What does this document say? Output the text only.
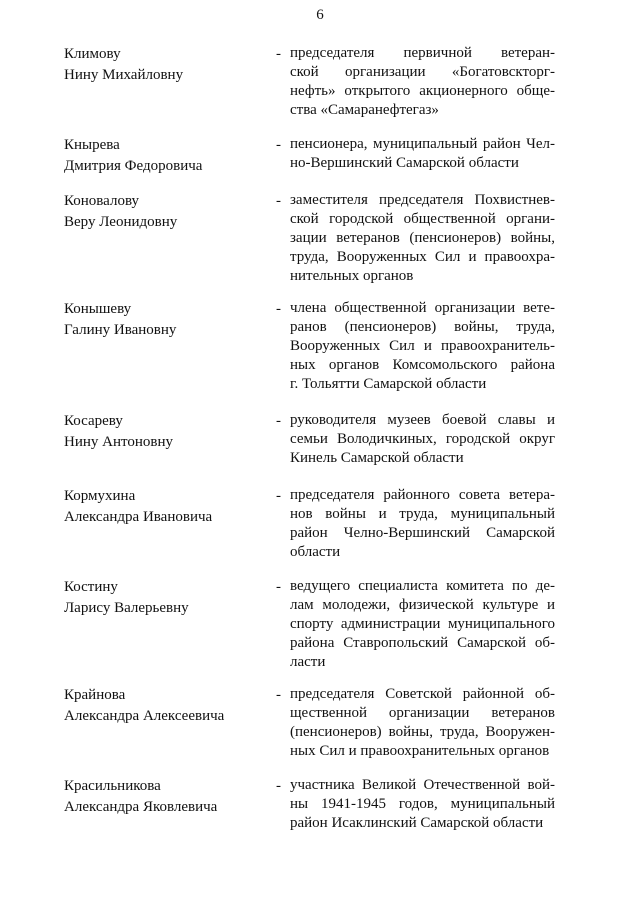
6
Климову
Нину Михайловну
- председателя первичной ветеран-
ской организации «Богатовскторг-
нефть» открытого акционерного обще-
ства «Самаранефтегаз»
Кнырева
Дмитрия Федоровича
- пенсионера, муниципальный район Чел-
но-Вершинский Самарской области
Коновалову
Веру Леонидовну
- заместителя председателя Похвистнев-
ской городской общественной органи-
зации ветеранов (пенсионеров) войны,
труда, Вооруженных Сил и правоохра-
нительных органов
Конышеву
Галину Ивановну
- члена общественной организации вете-
ранов (пенсионеров) войны, труда,
Вооруженных Сил и правоохранитель-
ных органов Комсомольского района
г. Тольятти Самарской области
Косареву
Нину Антоновну
- руководителя музеев боевой славы и
семьи Володичкиных, городской округ
Кинель Самарской области
Кормухина
Александра Ивановича
- председателя районного совета ветера-
нов войны и труда, муниципальный
район Челно-Вершинский Самарской
области
Костину
Ларису Валерьевну
- ведущего специалиста комитета по де-
лам молодежи, физической культуре и
спорту администрации муниципального
района Ставропольский Самарской об-
ласти
Крайнова
Александра Алексеевича
- председателя Советской районной об-
щественной организации ветеранов
(пенсионеров) войны, труда, Вооружен-
ных Сил и правоохранительных органов
Красильникова
Александра Яковлевича
- участника Великой Отечественной вой-
ны 1941-1945 годов, муниципальный
район Исаклинский Самарской области
